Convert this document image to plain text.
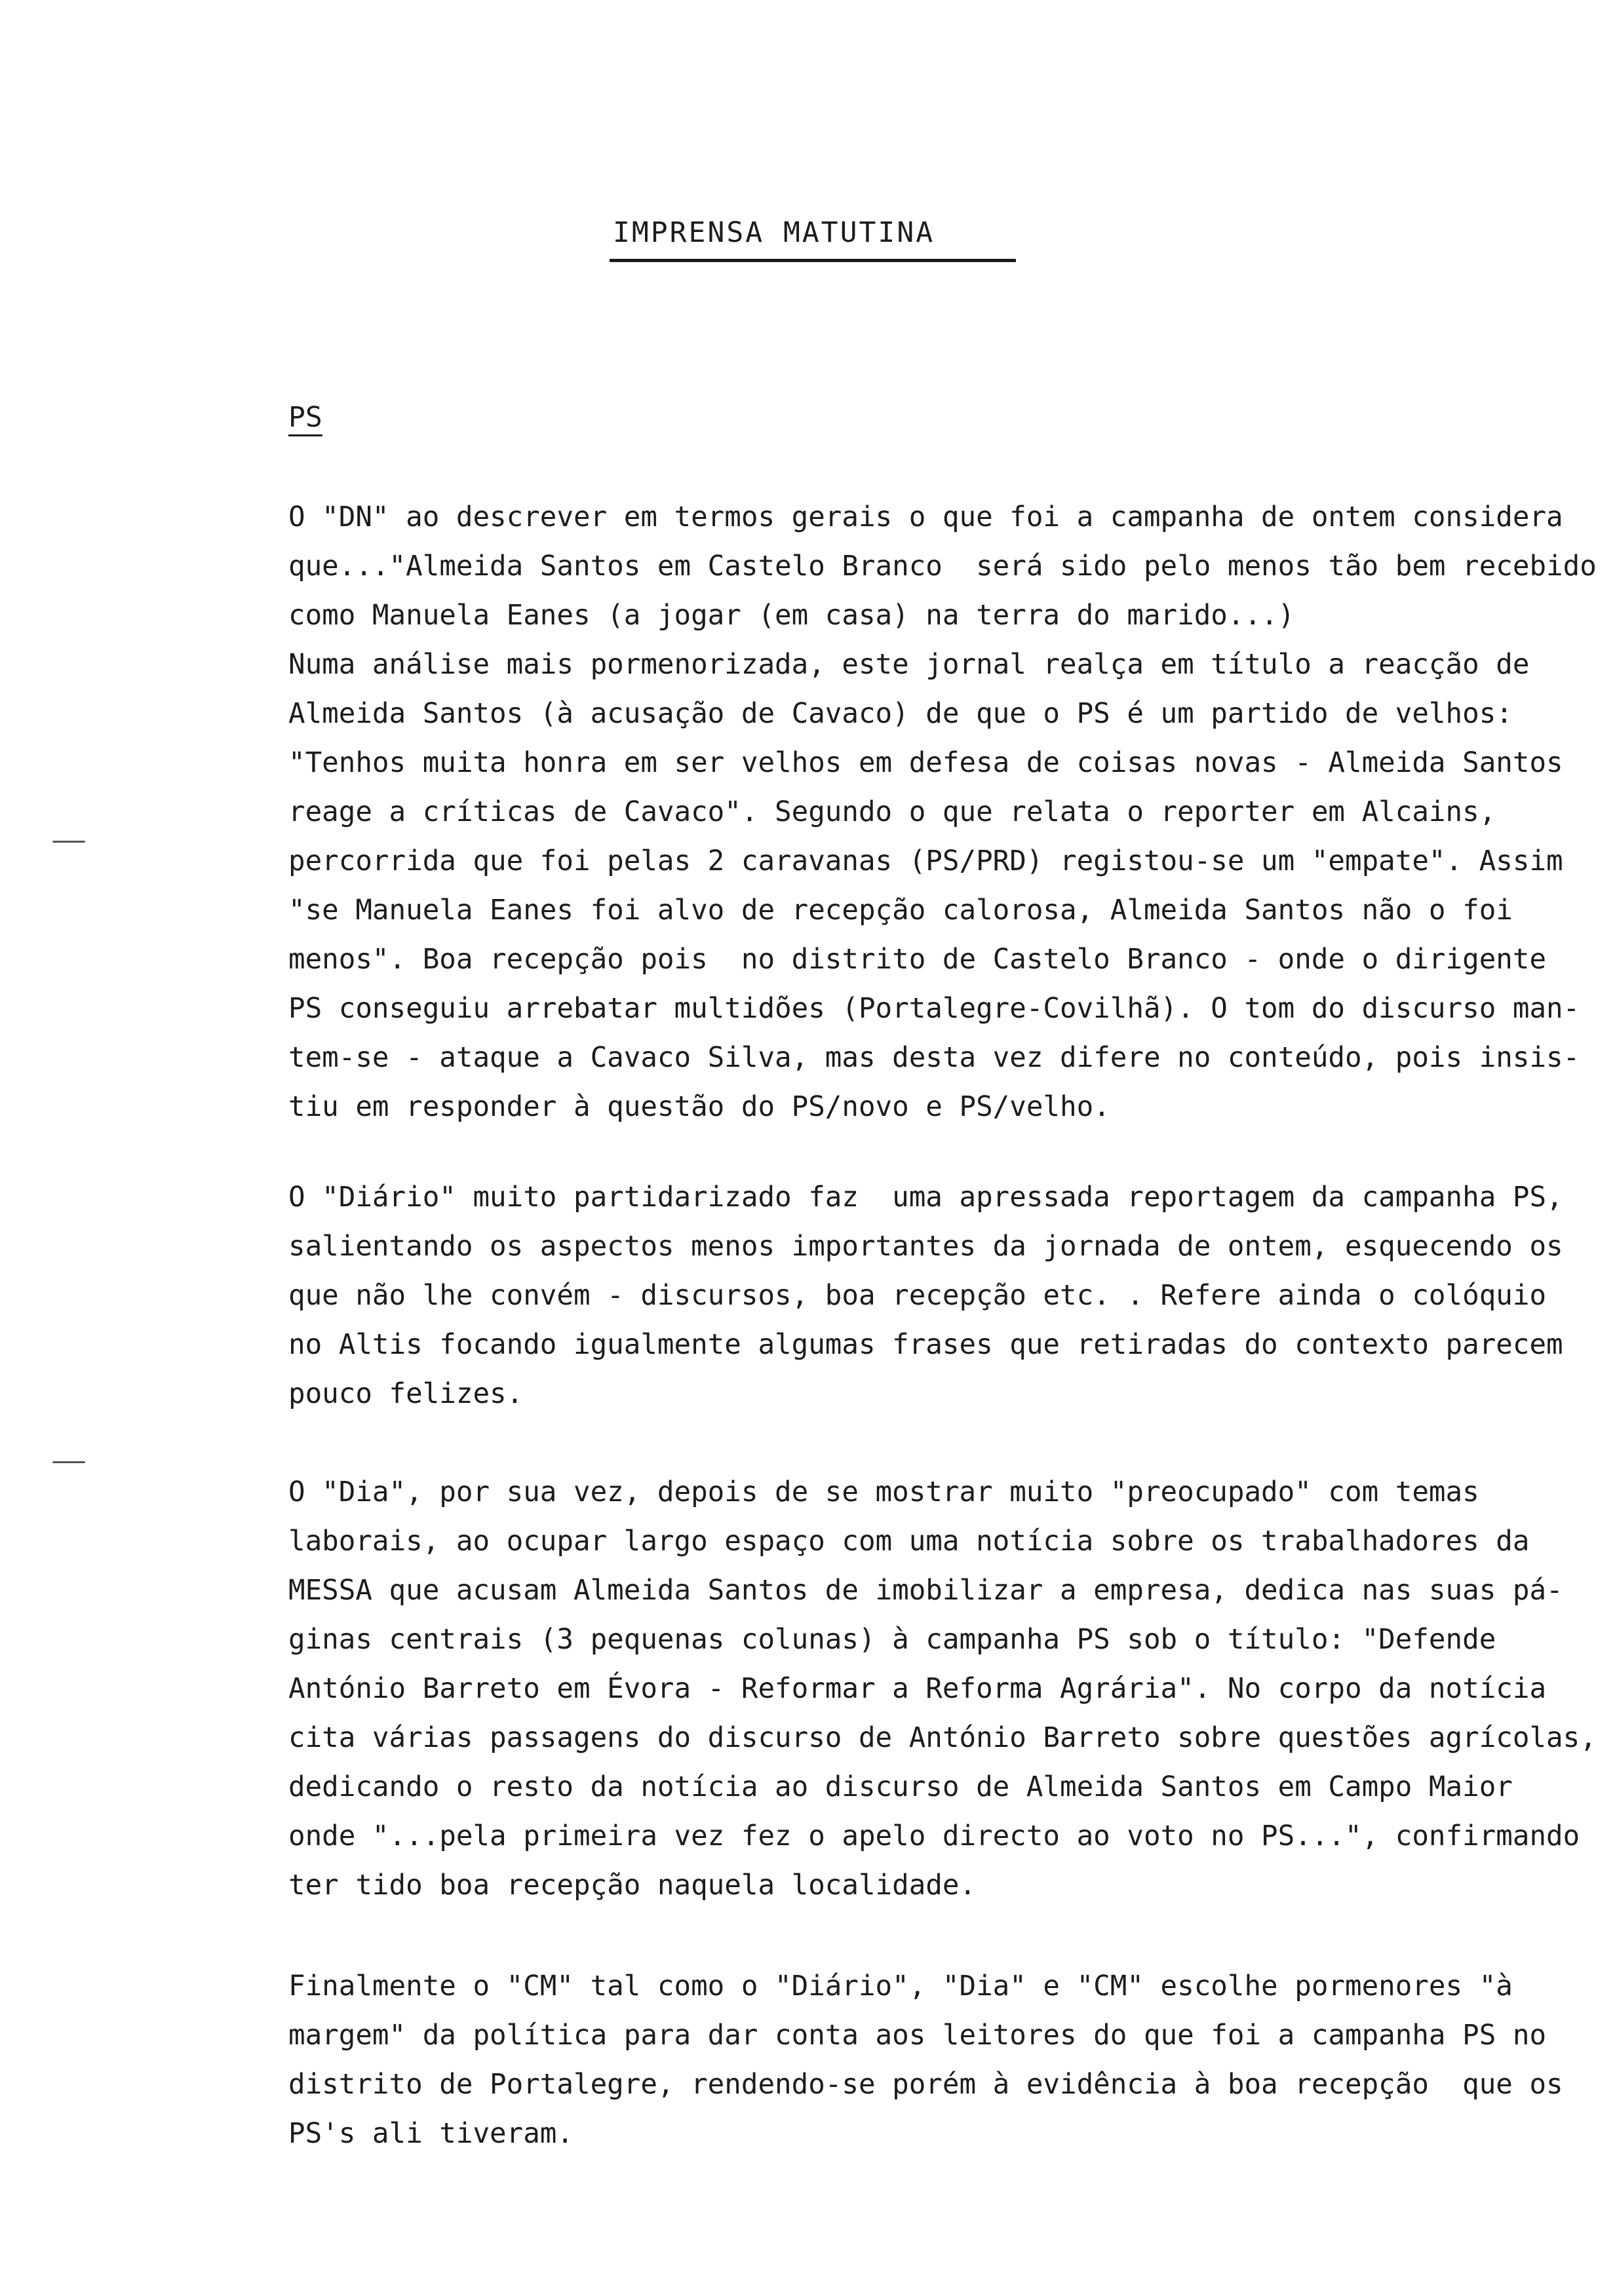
IMPRENSA MATUTINA
PS
O "DN" ao descrever em termos gerais o que foi a campanha de ontem considera
que..."Almeida Santos em Castelo Branco  será sido pelo menos tão bem recebido
como Manuela Eanes (a jogar (em casa) na terra do marido...)
Numa análise mais pormenorizada, este jornal realça em título a reacção de
Almeida Santos (à acusação de Cavaco) de que o PS é um partido de velhos:
"Tenhos muita honra em ser velhos em defesa de coisas novas - Almeida Santos
reage a críticas de Cavaco". Segundo o que relata o reporter em Alcains,
percorrida que foi pelas 2 caravanas (PS/PRD) registou-se um "empate". Assim
"se Manuela Eanes foi alvo de recepção calorosa, Almeida Santos não o foi
menos". Boa recepção pois  no distrito de Castelo Branco - onde o dirigente
PS conseguiu arrebatar multidões (Portalegre-Covilhã). O tom do discurso man-
tem-se - ataque a Cavaco Silva, mas desta vez difere no conteúdo, pois insis-
tiu em responder à questão do PS/novo e PS/velho.
O "Diário" muito partidarizado faz  uma apressada reportagem da campanha PS,
salientando os aspectos menos importantes da jornada de ontem, esquecendo os
que não lhe convém - discursos, boa recepção etc. . Refere ainda o colóquio
no Altis focando igualmente algumas frases que retiradas do contexto parecem
pouco felizes.
O "Dia", por sua vez, depois de se mostrar muito "preocupado" com temas
laborais, ao ocupar largo espaço com uma notícia sobre os trabalhadores da
MESSA que acusam Almeida Santos de imobilizar a empresa, dedica nas suas pá-
ginas centrais (3 pequenas colunas) à campanha PS sob o título: "Defende
António Barreto em Évora - Reformar a Reforma Agrária". No corpo da notícia
cita várias passagens do discurso de António Barreto sobre questões agrícolas,
dedicando o resto da notícia ao discurso de Almeida Santos em Campo Maior
onde "...pela primeira vez fez o apelo directo ao voto no PS...", confirmando
ter tido boa recepção naquela localidade.
Finalmente o "CM" tal como o "Diário", "Dia" e "CM" escolhe pormenores "à
margem" da política para dar conta aos leitores do que foi a campanha PS no
distrito de Portalegre, rendendo-se porém à evidência à boa recepção  que os
PS's ali tiveram.
